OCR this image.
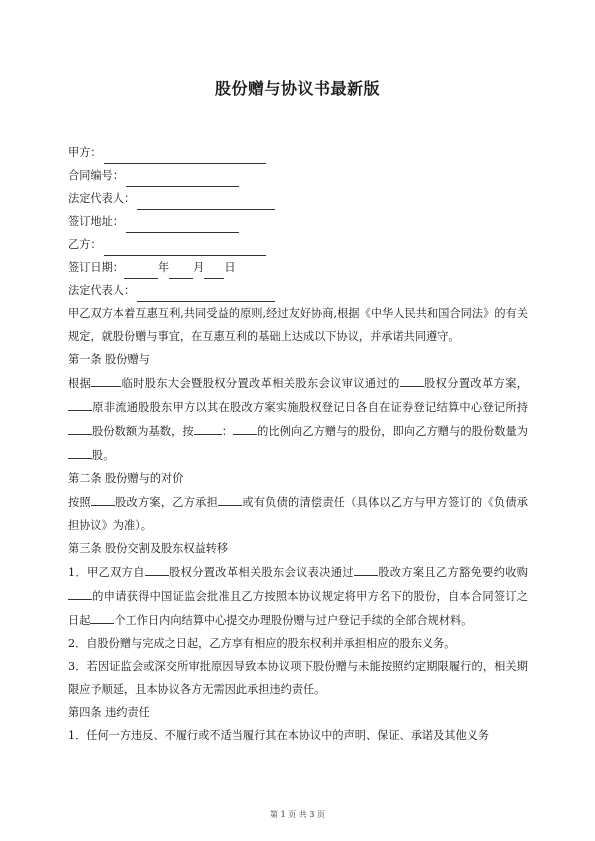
股份赠与协议书最新版
甲方：
合同编号：
法定代表人：
签订地址：
乙方：
签订日期：	年 月 日
法定代表人：
甲乙双方本着互惠互利,共同受益的原则,经过友好协商,根据《中华人民共和国合同法》的有关规定，就股份赠与事宜，在互惠互利的基础上达成以下协议，并承诺共同遵守。
第一条 股份赠与
根据	临时股东大会暨股权分置改革相关股东会议审议通过的 股权分置改革方案，原非流通股股东甲方以其在股改方案实施股权登记日各自在证券登记结算中心登记所持股份数额为基数，按	： 的比例向乙方赠与的股份，即向乙方赠与的股份数量为股。
第二条 股份赠与的对价
按照 股改方案，乙方承担 或有负债的清偿责任（具体以乙方与甲方签订的《负债承担协议》为准）。
第三条 股份交割及股东权益转移
1．甲乙双方自 股权分置改革相关股东会议表决通过 股改方案且乙方豁免要约收购的申请获得中国证监会批准且乙方按照本协议规定将甲方名下的股份，自本合同签订之日起 个工作日内向结算中心提交办理股份赠与过户登记手续的全部合规材料。
2．自股份赠与完成之日起，乙方享有相应的股东权利并承担相应的股东义务。
3．若因证监会或深交所审批原因导致本协议项下股份赠与未能按照约定期限履行的，相关期限应予顺延，且本协议各方无需因此承担违约责任。
第四条 违约责任
1．任何一方违反、不履行或不适当履行其在本协议中的声明、保证、承诺及其他义务
第 1 页 共 3 页
